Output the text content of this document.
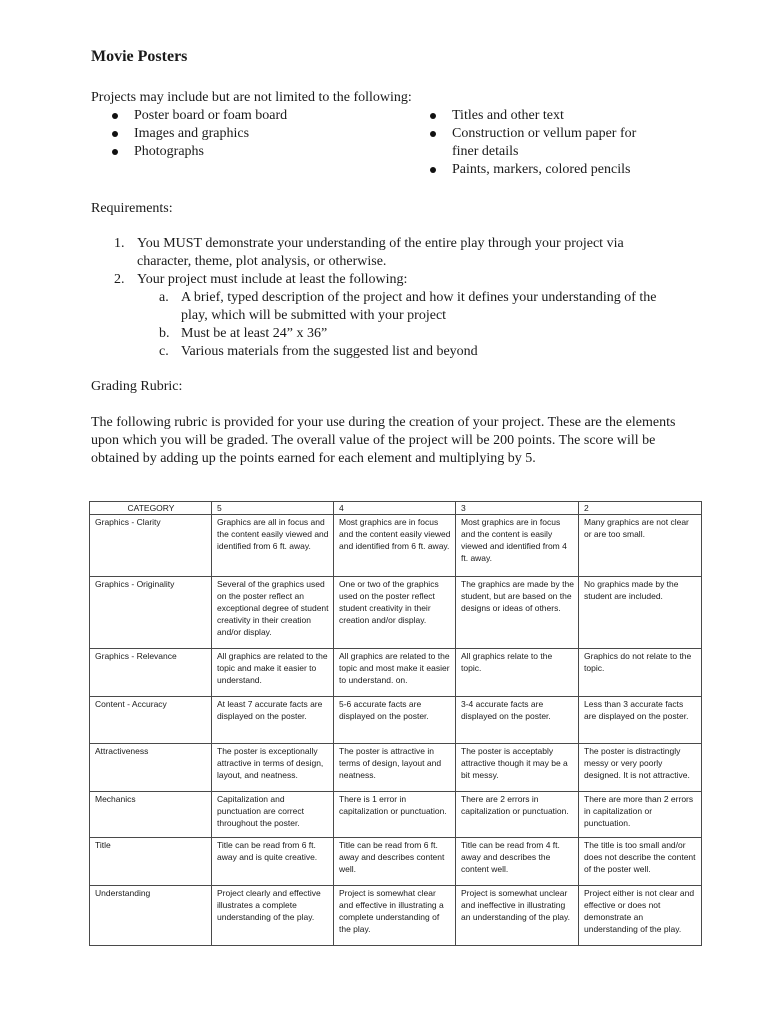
Movie Posters

Projects may include but are not limited to the following:

Poster board or foam board
Images and graphics
Photographs
Titles and other text
Construction or vellum paper for finer details
Paints, markers, colored pencils

Requirements:

1. You MUST demonstrate your understanding of the entire play through your project via character, theme, plot analysis, or otherwise.
2. Your project must include at least the following:
a. A brief, typed description of the project and how it defines your understanding of the play, which will be submitted with your project
b. Must be at least 24” x 36”
c. Various materials from the suggested list and beyond

Grading Rubric:

The following rubric is provided for your use during the creation of your project. These are the elements upon which you will be graded. The overall value of the project will be 200 points. The score will be obtained by adding up the points earned for each element and multiplying by 5.

CATEGORY	5	4	3	2
Graphics - Clarity	Graphics are all in focus and the content easily viewed and identified from 6 ft. away.	Most graphics are in focus and the content easily viewed and identified from 6 ft. away.	Most graphics are in focus and the content is easily viewed and identified from 4 ft. away.	Many graphics are not clear or are too small.
Graphics - Originality	Several of the graphics used on the poster reflect an exceptional degree of student creativity in their creation and/or display.	One or two of the graphics used on the poster reflect student creativity in their creation and/or display.	The graphics are made by the student, but are based on the designs or ideas of others.	No graphics made by the student are included.
Graphics - Relevance	All graphics are related to the topic and make it easier to understand.	All graphics are related to the topic and most make it easier to understand. on.	All graphics relate to the topic.	Graphics do not relate to the topic.
Content - Accuracy	At least 7 accurate facts are displayed on the poster.	5-6 accurate facts are displayed on the poster.	3-4 accurate facts are displayed on the poster.	Less than 3 accurate facts are displayed on the poster.
Attractiveness	The poster is exceptionally attractive in terms of design, layout, and neatness.	The poster is attractive in terms of design, layout and neatness.	The poster is acceptably attractive though it may be a bit messy.	The poster is distractingly messy or very poorly designed. It is not attractive.
Mechanics	Capitalization and punctuation are correct throughout the poster.	There is 1 error in capitalization or punctuation.	There are 2 errors in capitalization or punctuation.	There are more than 2 errors in capitalization or punctuation.
Title	Title can be read from 6 ft. away and is quite creative.	Title can be read from 6 ft. away and describes content well.	Title can be read from 4 ft. away and describes the content well.	The title is too small and/or does not describe the content of the poster well.
Understanding	Project clearly and effective illustrates a complete understanding of the play.	Project is somewhat clear and effective in illustrating a complete understanding of the play.	Project is somewhat unclear and ineffective in illustrating an understanding of the play.	Project either is not clear and effective or does not demonstrate an understanding of the play.
